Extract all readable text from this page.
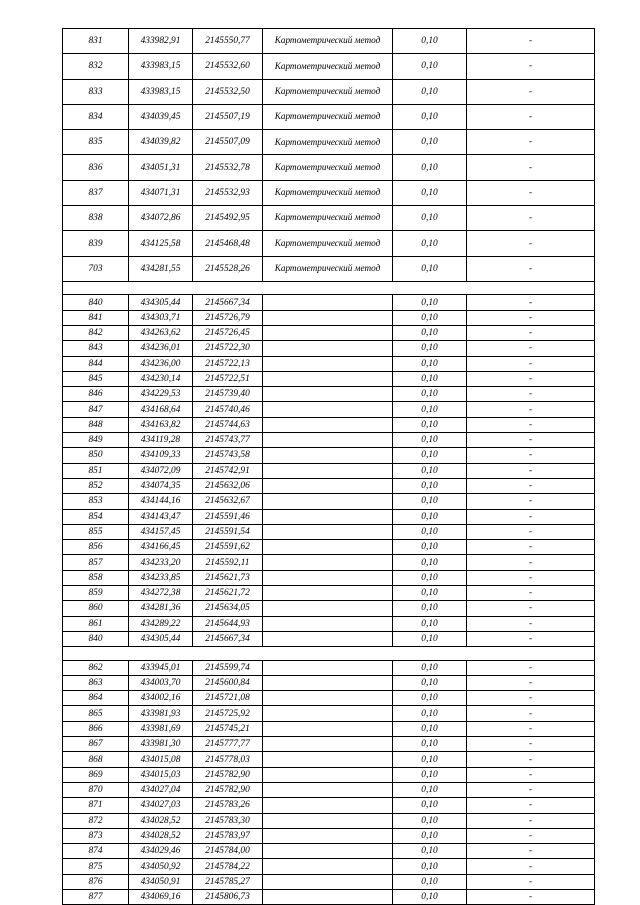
831	433982,91	2145550,77	Картометрический метод	0,10	-
832	433983,15	2145532,60	Картометрический метод	0,10	-
833	433983,15	2145532,50	Картометрический метод	0,10	-
834	434039,45	2145507,19	Картометрический метод	0,10	-
835	434039,82	2145507,09	Картометрический метод	0,10	-
836	434051,31	2145532,78	Картометрический метод	0,10	-
837	434071,31	2145532,93	Картометрический метод	0,10	-
838	434072,86	2145492,95	Картометрический метод	0,10	-
839	434125,58	2145468,48	Картометрический метод	0,10	-
703	434281,55	2145528,26	Картометрический метод	0,10	-

840	434305,44	2145667,34		0,10	-
841	434303,71	2145726,79		0,10	-
842	434263,62	2145726,45		0,10	-
843	434236,01	2145722,30		0,10	-
844	434236,00	2145722,13		0,10	-
845	434230,14	2145722,51		0,10	-
846	434229,53	2145739,40		0,10	-
847	434168,64	2145740,46		0,10	-
848	434163,82	2145744,63		0,10	-
849	434119,28	2145743,77		0,10	-
850	434109,33	2145743,58		0,10	-
851	434072,09	2145742,91		0,10	-
852	434074,35	2145632,06		0,10	-
853	434144,16	2145632,67		0,10	-
854	434143,47	2145591,46		0,10	-
855	434157,45	2145591,54		0,10	-
856	434166,45	2145591,62		0,10	-
857	434233,20	2145592,11		0,10	-
858	434233,85	2145621,73		0,10	-
859	434272,38	2145621,72		0,10	-
860	434281,36	2145634,05		0,10	-
861	434289,22	2145644,93		0,10	-
840	434305,44	2145667,34		0,10	-

862	433945,01	2145599,74		0,10	-
863	434003,70	2145600,84		0,10	-
864	434002,16	2145721,08		0,10	-
865	433981,93	2145725,92		0,10	-
866	433981,69	2145745,21		0,10	-
867	433981,30	2145777,77		0,10	-
868	434015,08	2145778,03		0,10	-
869	434015,03	2145782,90		0,10	-
870	434027,04	2145782,90		0,10	-
871	434027,03	2145783,26		0,10	-
872	434028,52	2145783,30		0,10	-
873	434028,52	2145783,97		0,10	-
874	434029,46	2145784,00		0,10	-
875	434050,92	2145784,22		0,10	-
876	434050,91	2145785,27		0,10	-
877	434069,16	2145806,73		0,10	-
